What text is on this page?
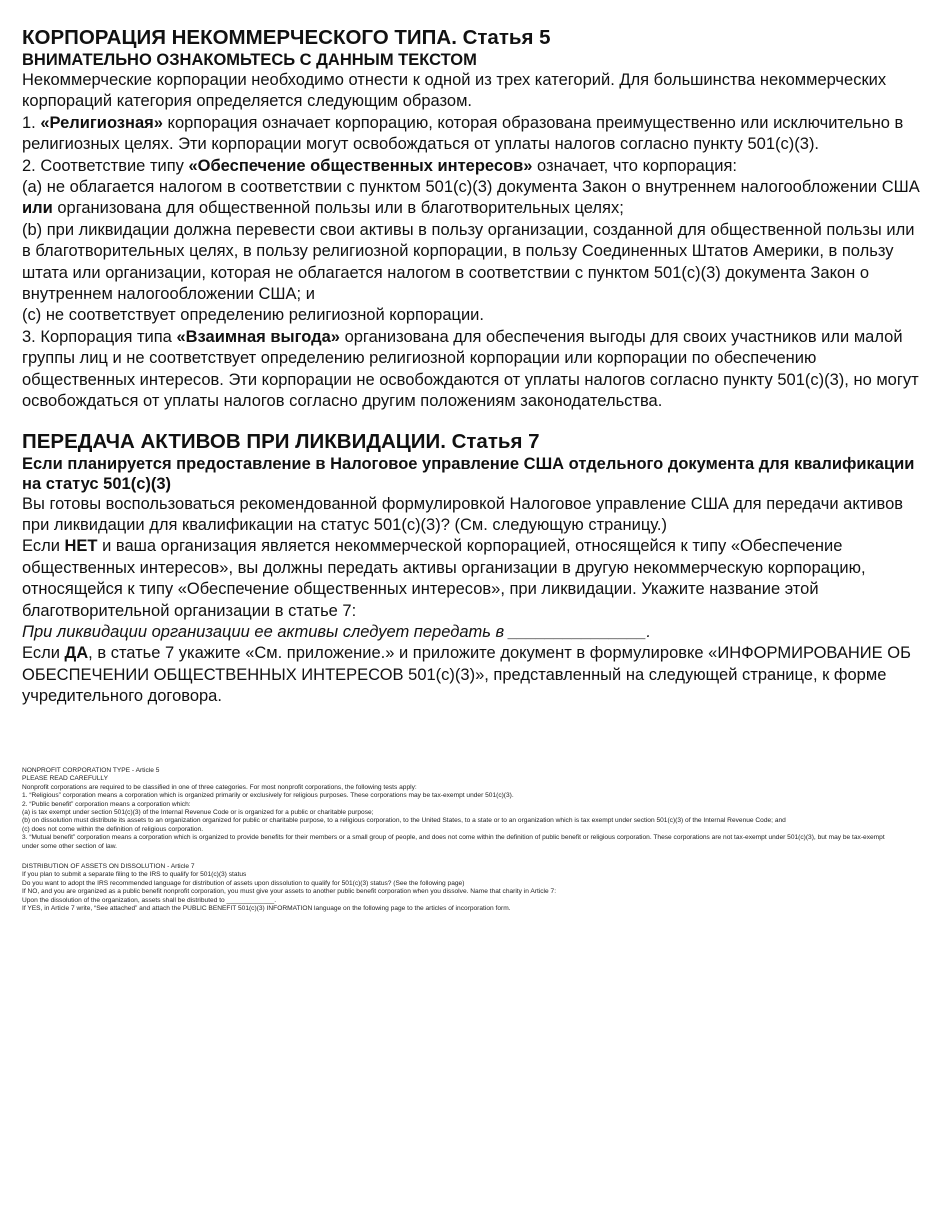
КОРПОРАЦИЯ НЕКОММЕРЧЕСКОГО ТИПА. Статья 5
ВНИМАТЕЛЬНО ОЗНАКОМЬТЕСЬ С ДАННЫМ ТЕКСТОМ
Некоммерческие корпорации необходимо отнести к одной из трех категорий. Для большинства некоммерческих корпораций категория определяется следующим образом.
1. «Религиозная» корпорация означает корпорацию, которая образована преимущественно или исключительно в религиозных целях. Эти корпорации могут освобождаться от уплаты налогов согласно пункту 501(c)(3).
2. Соответствие типу «Обеспечение общественных интересов» означает, что корпорация:
(a) не облагается налогом в соответствии с пунктом 501(c)(3) документа Закон о внутреннем налогообложении США или организована для общественной пользы или в благотворительных целях;
(b) при ликвидации должна перевести свои активы в пользу организации, созданной для общественной пользы или в благотворительных целях, в пользу религиозной корпорации, в пользу Соединенных Штатов Америки, в пользу штата или организации, которая не облагается налогом в соответствии с пунктом 501(c)(3) документа Закон о внутреннем налогообложении США; и
(c) не соответствует определению религиозной корпорации.
3. Корпорация типа «Взаимная выгода» организована для обеспечения выгоды для своих участников или малой группы лиц и не соответствует определению религиозной корпорации или корпорации по обеспечению общественных интересов. Эти корпорации не освобождаются от уплаты налогов согласно пункту 501(c)(3), но могут освобождаться от уплаты налогов согласно другим положениям законодательства.
ПЕРЕДАЧА АКТИВОВ ПРИ ЛИКВИДАЦИИ. Статья 7
Если планируется предоставление в Налоговое управление США отдельного документа для квалификации на статус 501(c)(3)
Вы готовы воспользоваться рекомендованной формулировкой Налоговое управление США для передачи активов при ликвидации для квалификации на статус 501(c)(3)? (См. следующую страницу.)
Если НЕТ и ваша организация является некоммерческой корпорацией, относящейся к типу «Обеспечение общественных интересов», вы должны передать активы организации в другую некоммерческую корпорацию, относящейся к типу «Обеспечение общественных интересов», при ликвидации. Укажите название этой благотворительной организации в статье 7:
При ликвидации организации ее активы следует передать в _______________.
Если ДА, в статье 7 укажите «См. приложение.» и приложите документ в формулировке «ИНФОРМИРОВАНИЕ ОБ ОБЕСПЕЧЕНИИ ОБЩЕСТВЕННЫХ ИНТЕРЕСОВ 501(c)(3)», представленный на следующей странице, к форме учредительного договора.
NONPROFIT CORPORATION TYPE - Article 5
PLEASE READ CAREFULLY
Nonprofit corporations are required to be classified in one of three categories. For most nonprofit corporations, the following tests apply:
1. “Religious” corporation means a corporation which is organized primarily or exclusively for religious purposes. These corporations may be tax-exempt under 501(c)(3).
2. “Public benefit” corporation means a corporation which:
(a) is tax exempt under section 501(c)(3) of the Internal Revenue Code or is organized for a public or charitable purpose;
(b) on dissolution must distribute its assets to an organization organized for public or charitable purpose, to a religious corporation, to the United States, to a state or to an organization which is tax exempt under section 501(c)(3) of the Internal Revenue Code; and
(c) does not come within the definition of religious corporation.
3. “Mutual benefit” corporation means a corporation which is organized to provide benefits for their members or a small group of people, and does not come within the definition of public benefit or religious corporation. These corporations are not tax-exempt under 501(c)(3), but may be tax-exempt under some other section of law.
DISTRIBUTION OF ASSETS ON DISSOLUTION - Article 7
If you plan to submit a separate filing to the IRS to qualify for 501(c)(3) status
Do you want to adopt the IRS recommended language for distribution of assets upon dissolution to qualify for 501(c)(3) status? (See the following page)
If NO, and you are organized as a public benefit nonprofit corporation, you must give your assets to another public benefit corporation when you dissolve. Name that charity in Article 7:
Upon the dissolution of the organization, assets shall be distributed to _____________.
If YES, in Article 7 write, “See attached” and attach the PUBLIC BENEFIT 501(c)(3) INFORMATION language on the following page to the articles of incorporation form.
